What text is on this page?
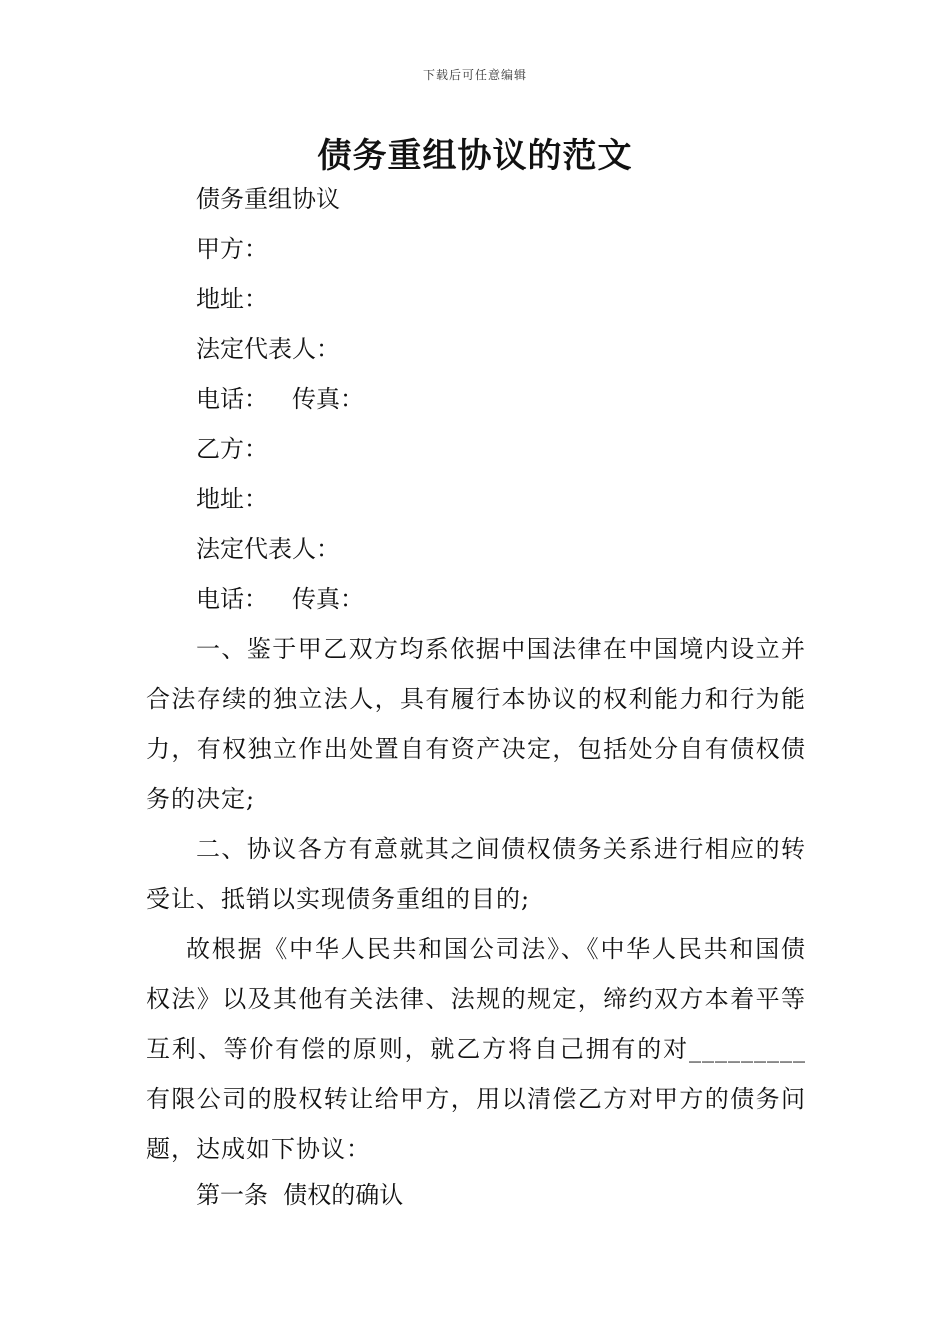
下载后可任意编辑
债务重组协议的范文
债务重组协议
甲方：
地址：
法定代表人：
电话： 传真：
乙方：
地址：
法定代表人：
电话： 传真：
一、鉴于甲乙双方均系依据中国法律在中国境内设立并合法存续的独立法人，具有履行本协议的权利能力和行为能力，有权独立作出处置自有资产决定，包括处分自有债权债务的决定;
二、协议各方有意就其之间债权债务关系进行相应的转受让、抵销以实现债务重组的目的;
故根据《中华人民共和国公司法》、《中华人民共和国债权法》以及其他有关法律、法规的规定，缔约双方本着平等互利、等价有偿的原则，就乙方将自己拥有的对_________有限公司的股权转让给甲方，用以清偿乙方对甲方的债务问题，达成如下协议：
第一条  债权的确认
